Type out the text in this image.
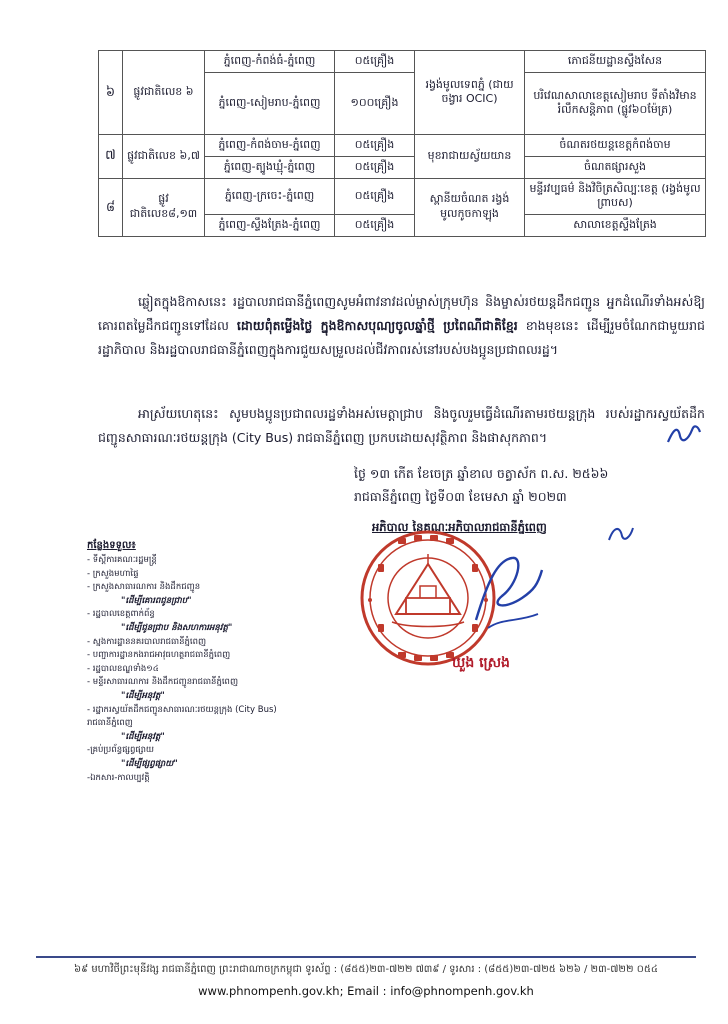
៦	ផ្លូវជាតិលេខ ៦	ភ្នំពេញ-កំពង់ធំ-ភ្នំពេញ	០៥គ្រឿង	រង្វង់មូលទេពភ្នំ (ជាយចង្វារ OCIC)	ភោជនីយដ្ឋានស្ទឹងសែន
		ភ្នំពេញ-សៀមរាប-ភ្នំពេញ	១០០គ្រឿង		បរិវេណសាលាខេត្តសៀមរាប ទីតាំងវិមានរំលឹកសន្ដិភាព (ផ្លូវ៦០ម៉ែត្រ)
៧	ផ្លូវជាតិលេខ ៦,៧	ភ្នំពេញ-កំពង់ចាម-ភ្នំពេញ	០៥គ្រឿង	មុខរាជាយស្វ័យយាន	ចំណតរថយន្តខេត្តកំពង់ចាម
		ភ្នំពេញ-ត្បូងឃ្មុំ-ភ្នំពេញ	០៥គ្រឿង		ចំណតផ្សារសួង
៨	ផ្លូវជាតិលេខ៨,១៣	ភ្នំពេញ-ក្រចេះ-ភ្នំពេញ	០៥គ្រឿង	ស្ពានីយចំណត រង្វង់មូលកូចកាឡុង	មន្ទីរវប្បធម៌ និងវិចិត្រសិល្បៈខេត្ត (រង្វង់មូលព្រាបស)
		ភ្នំពេញ-ស្ទឹងត្រែង-ភ្នំពេញ	០៥គ្រឿង		សាលាខេត្តស្ទឹងត្រែង

ឆ្លៀតក្នុងឱកាសនេះ រដ្ឋបាលរាជធានីភ្នំពេញសូមអំពាវនាវដល់ម្ចាស់ក្រុមហ៊ុន និងម្ចាស់រថយន្តដឹកជញ្ជូន អ្នកដំណើរទាំងអស់ឱ្យគោរពតម្លៃដឹកជញ្ជូនទៅដែល ដោយពុំតម្លើងថ្លៃ ក្នុងឱកាសបុណ្យចូលឆ្នាំថ្មី ប្រពៃណីជាតិខ្មែរ ខាងមុខនេះ ដើម្បីរួមចំណែកជាមួយរាជរដ្ឋាភិបាល និងរដ្ឋបាលរាជធានីភ្នំពេញក្នុងការជួយសម្រួលដល់ជីវភាពរស់នៅរបស់បងប្អូនប្រជាពលរដ្ឋ។

អាស្រ័យហេតុនេះ សូមបងប្អូនប្រជាពលរដ្ឋទាំងអស់មេត្តាជ្រាប និងចូលរួមធ្វើដំណើរតាមរថយន្តក្រុង របស់រដ្ឋាករស្វយ័តដឹកជញ្ជូនសាធារណៈរថយន្តក្រុង (City Bus) រាជធានីភ្នំពេញ ប្រកបដោយសុវត្ថិភាព និងផាសុកភាព។

ថ្ងៃ ១៣ កើត ខែចេត្រ ឆ្នាំខាល ចត្វាស័ក ព.ស. ២៥៦៦
រាជធានីភ្នំពេញ ថ្ងៃទី០៣ ខែមេសា ឆ្នាំ ២០២៣
អភិបាល នៃគណៈអភិបាលរាជធានីភ្នំពេញ
ឃួង ស្រេង
កន្លែងទទួល៖
- ទីស្ដីការគណៈរដ្ឋមន្ត្រី
- ក្រសួងមហាផ្ទៃ
- ក្រសួងសាធារណការ និងដឹកជញ្ជូន
"ដើម្បីគោរពជូនជ្រាប"
- រដ្ឋបាលខេត្តពាក់ព័ន្ធ
"ដើម្បីជូនជ្រាប និងសហការអនុវត្ត"
- ស្នងការដ្ឋាននគរបាលរាជធានីភ្នំពេញ
- បញ្ជាការដ្ឋានកងរាជអាវុធហត្ថរាជធានីភ្នំពេញ
- រដ្ឋបាលខណ្ឌទាំង១៤
- មន្ទីរសាធារណការ និងដឹកជញ្ជូនរាជធានីភ្នំពេញ
"ដើម្បីអនុវត្ត"
- រដ្ឋាករស្វយ័តដឹកជញ្ជូនសាធារណៈរថយន្តក្រុង (City Bus)
រាជធានីភ្នំពេញ
"ដើម្បីអនុវត្ត"
-គ្រប់ប្រព័ន្ធផ្សព្វផ្សាយ
"ដើម្បីផ្សព្វផ្សាយ"
-ឯកសារ-កាលប្បវត្តិ
៦៩ មហាវិថីព្រះមុនីវង្ស រាជធានីភ្នំពេញ ព្រះរាជាណាចក្រកម្ពុជា ទូរស័ព្ទ : (៨៥៥)២៣-៧២២ ៧៣៩ / ទូរសារ : (៨៥៥)២៣-៧២៥ ៦២៦ / ២៣-៧២២ ០៥៤
www.phnompenh.gov.kh; Email : info@phnompenh.gov.kh
